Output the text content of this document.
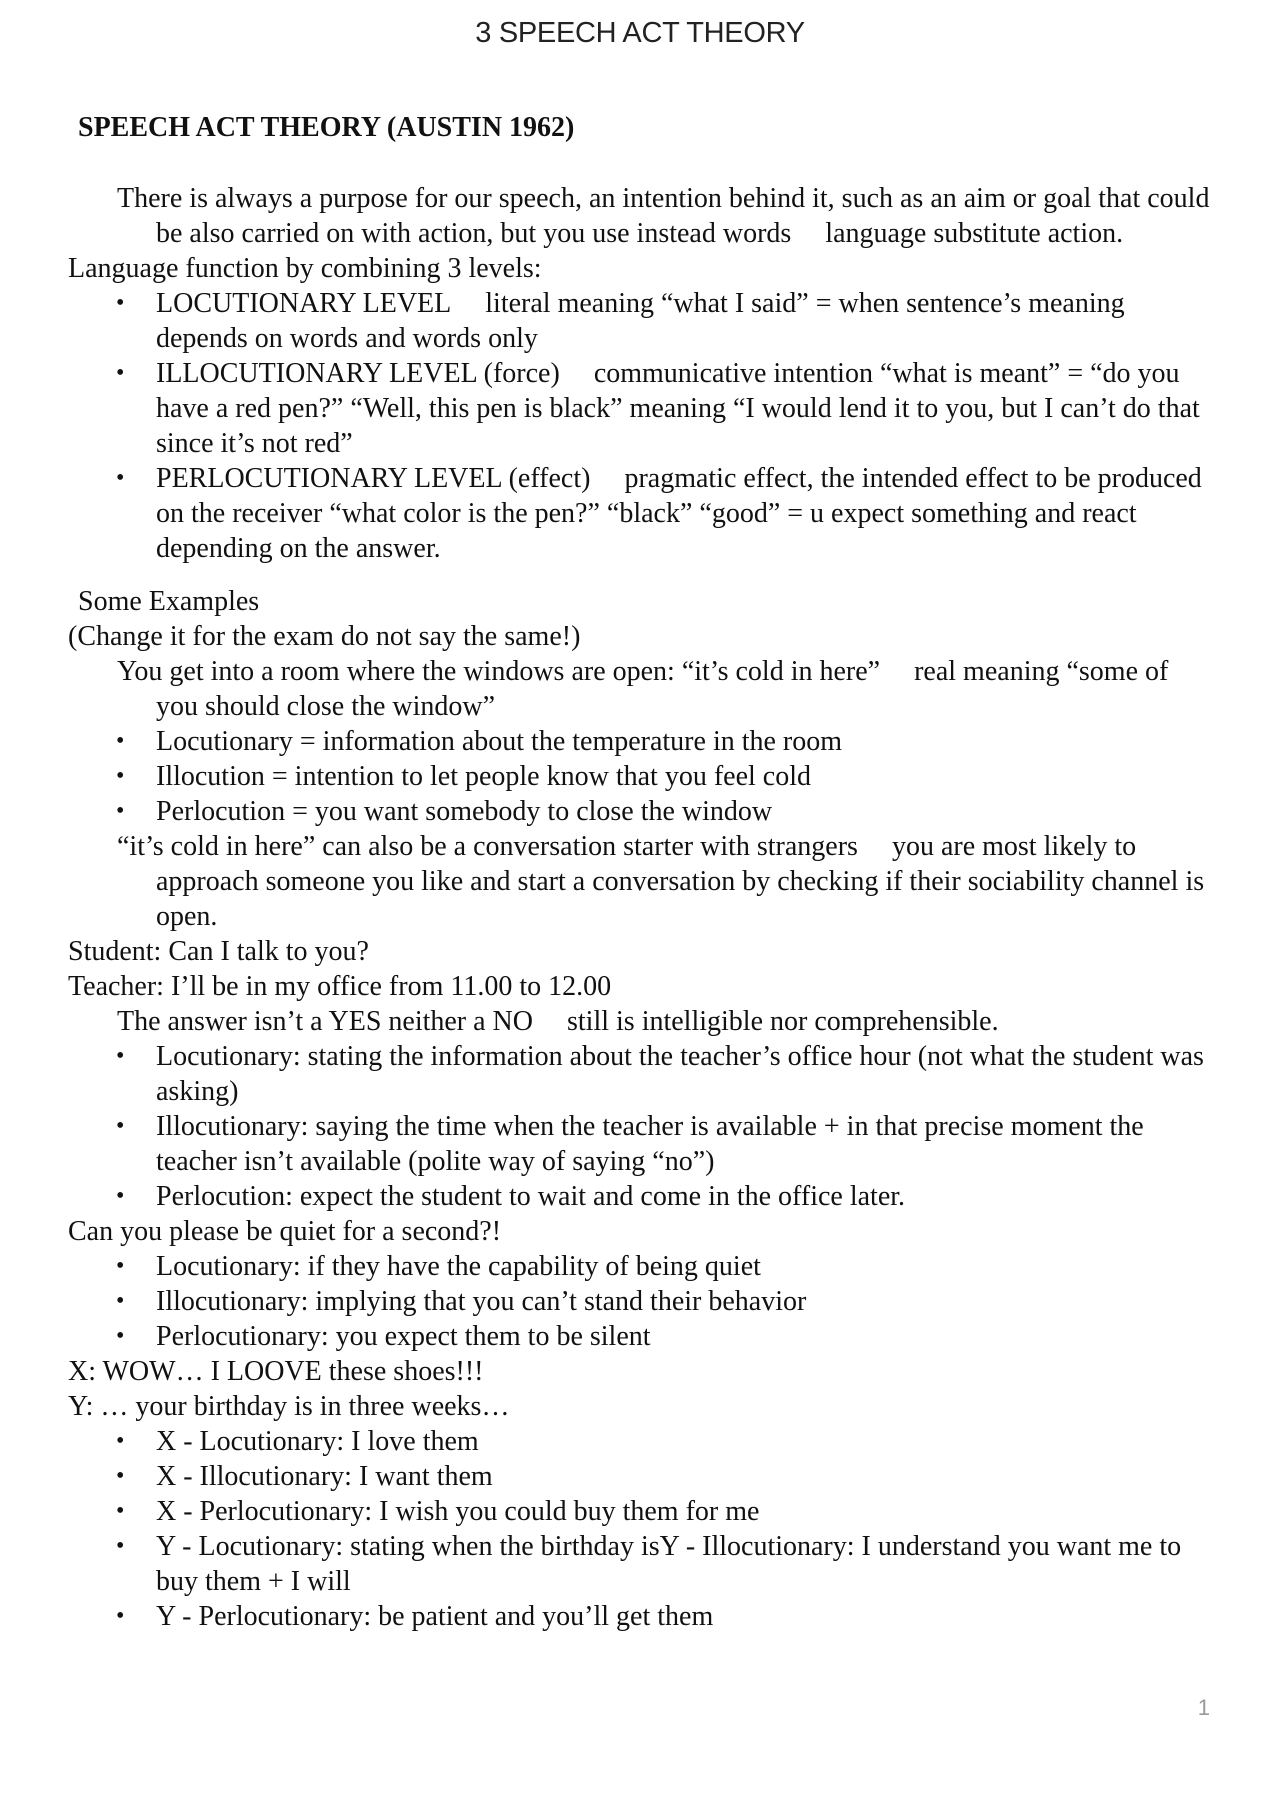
3 SPEECH ACT THEORY
SPEECH ACT THEORY (AUSTIN 1962)

There is always a purpose for our speech, an intention behind it, such as an aim or goal that could be also carried on with action, but you use instead words language substitute action.

Language function by combining 3 levels:

• LOCUTIONARY LEVEL literal meaning “what I said” = when sentence’s meaning depends on words and words only
• ILLOCUTIONARY LEVEL (force) communicative intention “what is meant” = “do you have a red pen?” “Well, this pen is black” meaning “I would lend it to you, but I can’t do that since it’s not red”
• PERLOCUTIONARY LEVEL (effect) pragmatic effect, the intended effect to be produced on the receiver “what color is the pen?” “black” “good” = u expect something and react depending on the answer.

Some Examples

(Change it for the exam do not say the same!)

You get into a room where the windows are open: “it’s cold in here” real meaning “some of you should close the window”

• Locutionary = information about the temperature in the room
• Illocution = intention to let people know that you feel cold
• Perlocution = you want somebody to close the window

“it’s cold in here” can also be a conversation starter with strangers you are most likely to approach someone you like and start a conversation by checking if their sociability channel is open.

Student: Can I talk to you?

Teacher: I’ll be in my office from 11.00 to 12.00

The answer isn’t a YES neither a NO still is intelligible nor comprehensible.

• Locutionary: stating the information about the teacher’s office hour (not what the student was asking)
• Illocutionary: saying the time when the teacher is available + in that precise moment the teacher isn’t available (polite way of saying “no”)
• Perlocution: expect the student to wait and come in the office later.

Can you please be quiet for a second?!

• Locutionary: if they have the capability of being quiet
• Illocutionary: implying that you can’t stand their behavior
• Perlocutionary: you expect them to be silent

X: WOW… I LOOVE these shoes!!!

Y: … your birthday is in three weeks…

• X - Locutionary: I love them
• X - Illocutionary: I want them
• X - Perlocutionary: I wish you could buy them for me
• Y - Locutionary: stating when the birthday isY - Illocutionary: I understand you want me to buy them + I will
• Y - Perlocutionary: be patient and you’ll get them
1
